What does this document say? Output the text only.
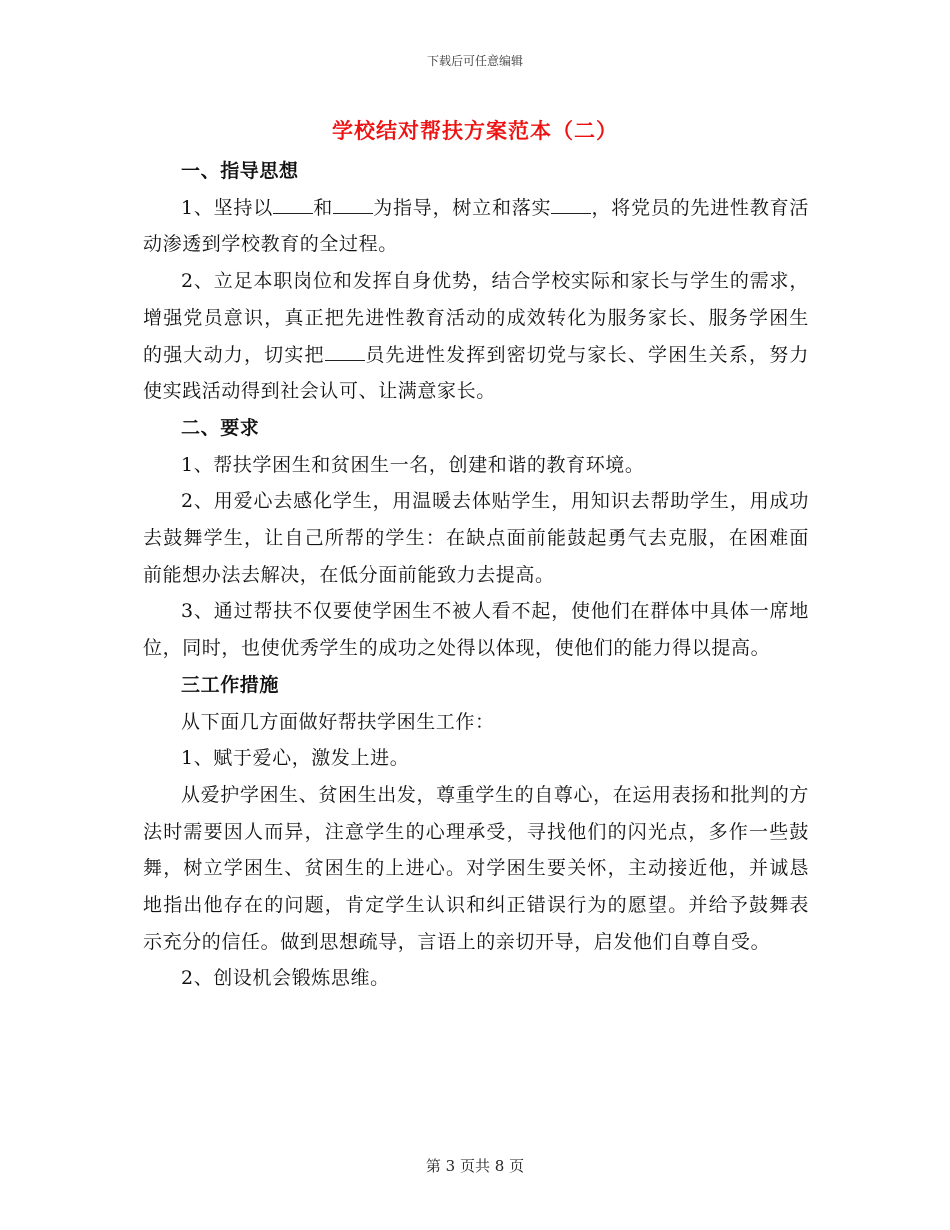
下载后可任意编辑
学校结对帮扶方案范本（二）

一、指导思想

1、坚持以 和 为指导，树立和落实 ，将党员的先进性教育活动渗透到学校教育的全过程。

2、立足本职岗位和发挥自身优势，结合学校实际和家长与学生的需求，增强党员意识，真正把先进性教育活动的成效转化为服务家长、服务学困生的强大动力，切实把 员先进性发挥到密切党与家长、学困生关系，努力使实践活动得到社会认可、让满意家长。

二、要求

1、帮扶学困生和贫困生一名，创建和谐的教育环境。

2、用爱心去感化学生，用温暖去体贴学生，用知识去帮助学生，用成功去鼓舞学生，让自己所帮的学生：在缺点面前能鼓起勇气去克服，在困难面前能想办法去解决，在低分面前能致力去提高。

3、通过帮扶不仅要使学困生不被人看不起，使他们在群体中具体一席地位，同时，也使优秀学生的成功之处得以体现，使他们的能力得以提高。

三工作措施

从下面几方面做好帮扶学困生工作：

1、赋于爱心，激发上进。

从爱护学困生、贫困生出发，尊重学生的自尊心，在运用表扬和批判的方法时需要因人而异，注意学生的心理承受，寻找他们的闪光点，多作一些鼓舞，树立学困生、贫困生的上进心。对学困生要关怀，主动接近他，并诚恳地指出他存在的问题，肯定学生认识和纠正错误行为的愿望。并给予鼓舞表示充分的信任。做到思想疏导，言语上的亲切开导，启发他们自尊自受。

2、创设机会锻炼思维。

第 3 页共 8 页
